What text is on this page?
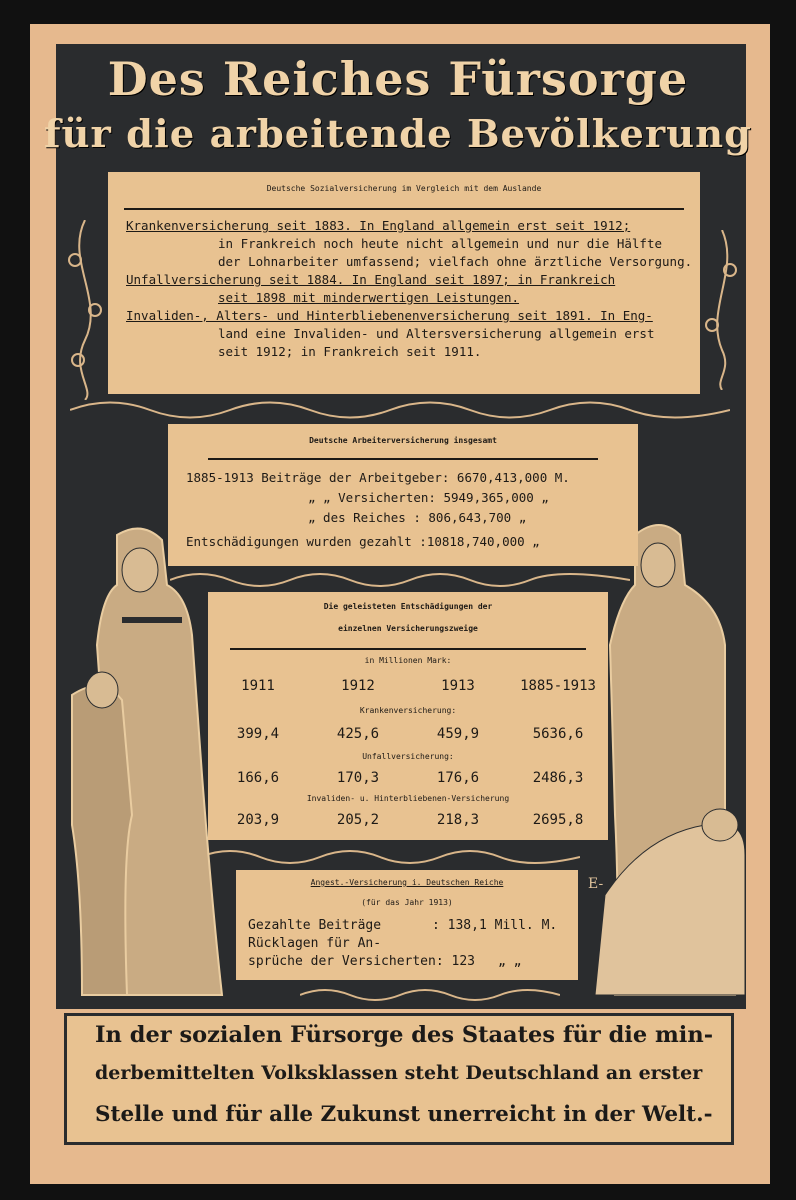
Des Reiches Fürsorge
für die arbeitende Bevölkerung
Deutsche Sozialversicherung im Vergleich mit dem Auslande
Krankenversicherung seit 1883. In England allgemein erst seit 1912;
in Frankreich noch heute nicht allgemein und nur die Hälfte
der Lohnarbeiter umfassend; vielfach ohne ärztliche Versorgung.
Unfallversicherung seit 1884. In England seit 1897; in Frankreich
seit 1898 mit minderwertigen Leistungen.
Invaliden-, Alters- und Hinterbliebenenversicherung seit 1891. In Eng-
land eine Invaliden- und Altersversicherung allgemein erst
seit 1912; in Frankreich seit 1911.
Deutsche Arbeiterversicherung insgesamt
1885-1913 Beiträge der Arbeitgeber: 6670,413,000 M.
„ „ Versicherten: 5949,365,000 „
„ des Reiches : 806,643,700 „
Entschädigungen wurden gezahlt :10818,740,000 „
Die geleisteten Entschädigungen der
einzelnen Versicherungszweige
in Millionen Mark:
1911	1912	1913	1885-1913
Krankenversicherung:
399,4	425,6	459,9	5636,6
Unfallversicherung:
166,6	170,3	176,6	2486,3
Invaliden- u. Hinterbliebenen-Versicherung
203,9	205,2	218,3	2695,8
Angest.-Versicherung i. Deutschen Reiche
(für das Jahr 1913)
Gezahlte Beiträge	: 138,1 Mill. M.
Rücklagen für An-
sprüche der Versicherten: 123 „ „
E-
In der sozialen Fürsorge des Staates für die min-
derbemittelten Volksklassen steht Deutschland an erster
Stelle und für alle Zukunst unerreicht in der Welt.-
